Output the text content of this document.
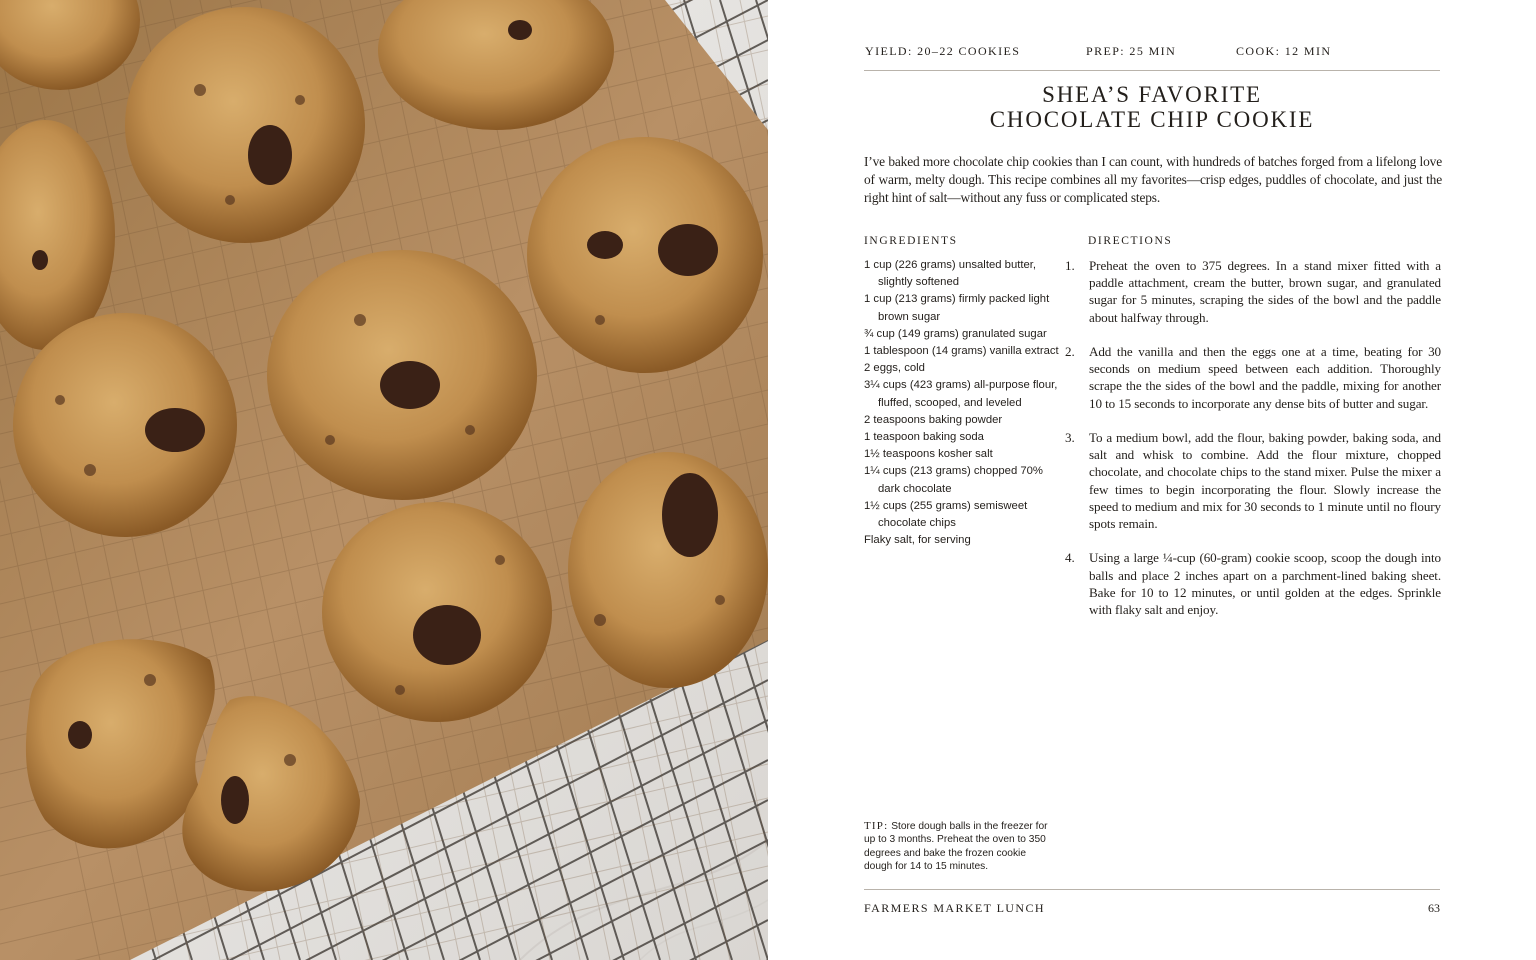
YIELD: 20–22 COOKIES	PREP: 25 MIN	COOK: 12 MIN
SHEA’S FAVORITE
CHOCOLATE CHIP COOKIE

I’ve baked more chocolate chip cookies than I can count, with hundreds of batches forged from a lifelong love of warm, melty dough. This recipe combines all my favorites—crisp edges, puddles of chocolate, and just the right hint of salt—without any fuss or complicated steps.

INGREDIENTS	DIRECTIONS
1 cup (226 grams) unsalted butter, slightly softened
1 cup (213 grams) firmly packed light brown sugar
¾ cup (149 grams) granulated sugar
1 tablespoon (14 grams) vanilla extract
2 eggs, cold
3¼ cups (423 grams) all-purpose flour, fluffed, scooped, and leveled
2 teaspoons baking powder
1 teaspoon baking soda
1½ teaspoons kosher salt
1¼ cups (213 grams) chopped 70% dark chocolate
1½ cups (255 grams) semisweet chocolate chips
Flaky salt, for serving
1. Preheat the oven to 375 degrees. In a stand mixer fitted with a paddle attachment, cream the butter, brown sugar, and granulated sugar for 5 minutes, scraping the sides of the bowl and the paddle about halfway through.
2. Add the vanilla and then the eggs one at a time, beating for 30 seconds on medium speed between each addition. Thoroughly scrape the the sides of the bowl and the paddle, mixing for another 10 to 15 seconds to incorporate any dense bits of butter and sugar.
3. To a medium bowl, add the flour, baking powder, baking soda, and salt and whisk to combine. Add the flour mixture, chopped chocolate, and chocolate chips to the stand mixer. Pulse the mixer a few times to begin incorporating the flour. Slowly increase the speed to medium and mix for 30 seconds to 1 minute until no floury spots remain.
4. Using a large ¼-cup (60-gram) cookie scoop, scoop the dough into balls and place 2 inches apart on a parchment-lined baking sheet. Bake for 10 to 12 minutes, or until golden at the edges. Sprinkle with flaky salt and enjoy.

TIP: Store dough balls in the freezer for up to 3 months. Preheat the oven to 350 degrees and bake the frozen cookie dough for 14 to 15 minutes.

FARMERS MARKET LUNCH	63
